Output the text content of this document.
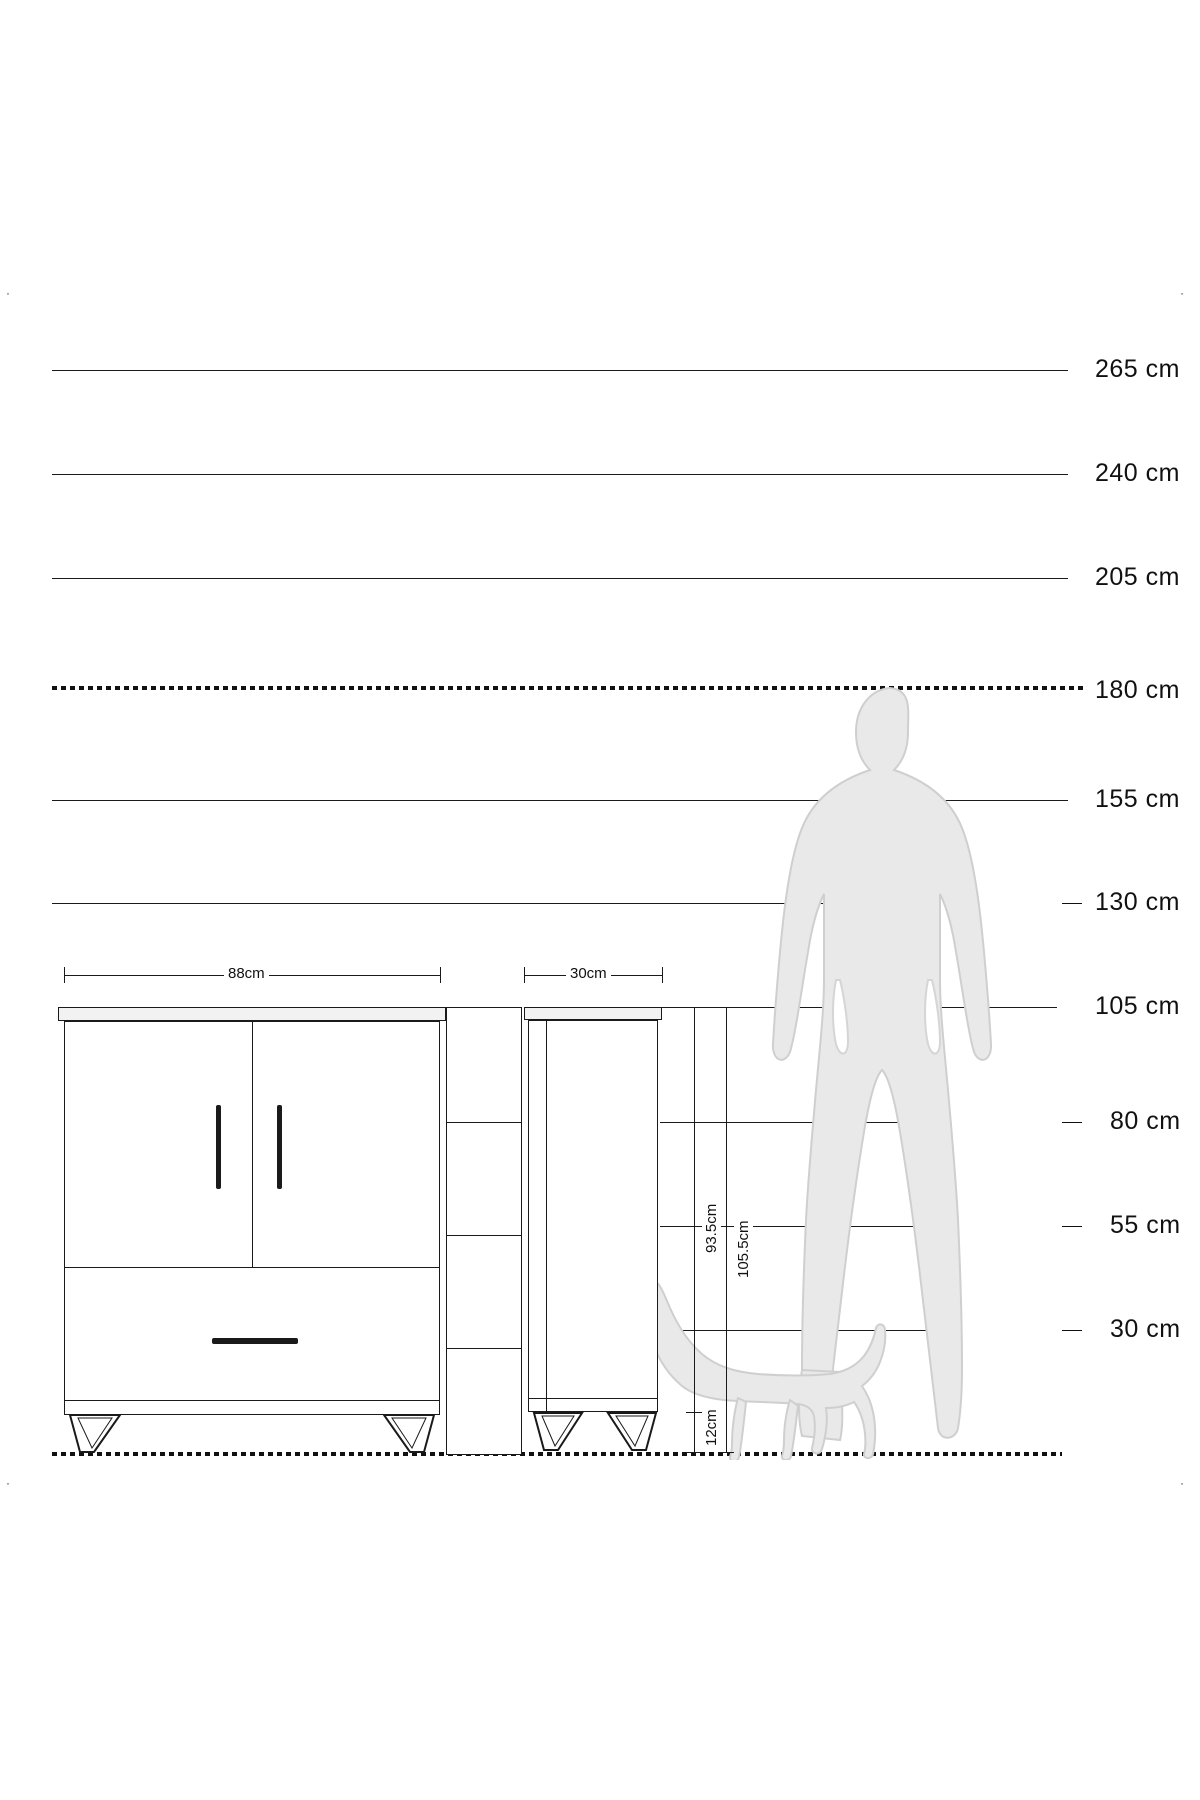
·	·
·	·
265 cm
240 cm
205 cm
180 cm
155 cm
130 cm
105 cm
80 cm
55 cm
30 cm
88cm	30cm
93.5cm
12cm
105.5cm
